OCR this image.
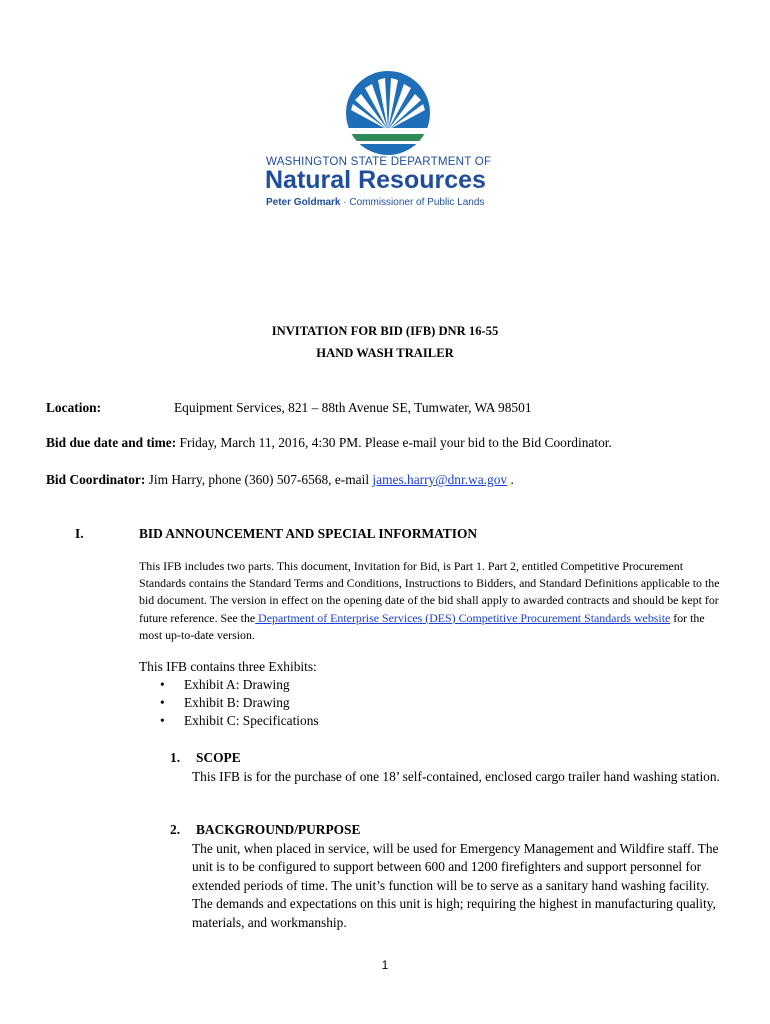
WASHINGTON STATE DEPARTMENT OF
Natural Resources
Peter Goldmark · Commissioner of Public Lands
INVITATION FOR BID (IFB) DNR 16-55
HAND WASH TRAILER
Location:	Equipment Services, 821 – 88th Avenue SE, Tumwater, WA 98501
Bid due date and time: Friday, March 11, 2016, 4:30 PM. Please e-mail your bid to the Bid Coordinator.
Bid Coordinator: Jim Harry, phone (360) 507-6568, e-mail james.harry@dnr.wa.gov .
I.	BID ANNOUNCEMENT AND SPECIAL INFORMATION

This IFB includes two parts. This document, Invitation for Bid, is Part 1. Part 2, entitled Competitive Procurement Standards contains the Standard Terms and Conditions, Instructions to Bidders, and Standard Definitions applicable to the bid document. The version in effect on the opening date of the bid shall apply to awarded contracts and should be kept for future reference. See the Department of Enterprise Services (DES) Competitive Procurement Standards website for the most up-to-date version.

This IFB contains three Exhibits:
• Exhibit A: Drawing
• Exhibit B: Drawing
• Exhibit C: Specifications
1. SCOPE
This IFB is for the purchase of one 18’ self-contained, enclosed cargo trailer hand washing station.
2. BACKGROUND/PURPOSE
The unit, when placed in service, will be used for Emergency Management and Wildfire staff. The unit is to be configured to support between 600 and 1200 firefighters and support personnel for extended periods of time. The unit’s function will be to serve as a sanitary hand washing facility. The demands and expectations on this unit is high; requiring the highest in manufacturing quality, materials, and workmanship.
1
